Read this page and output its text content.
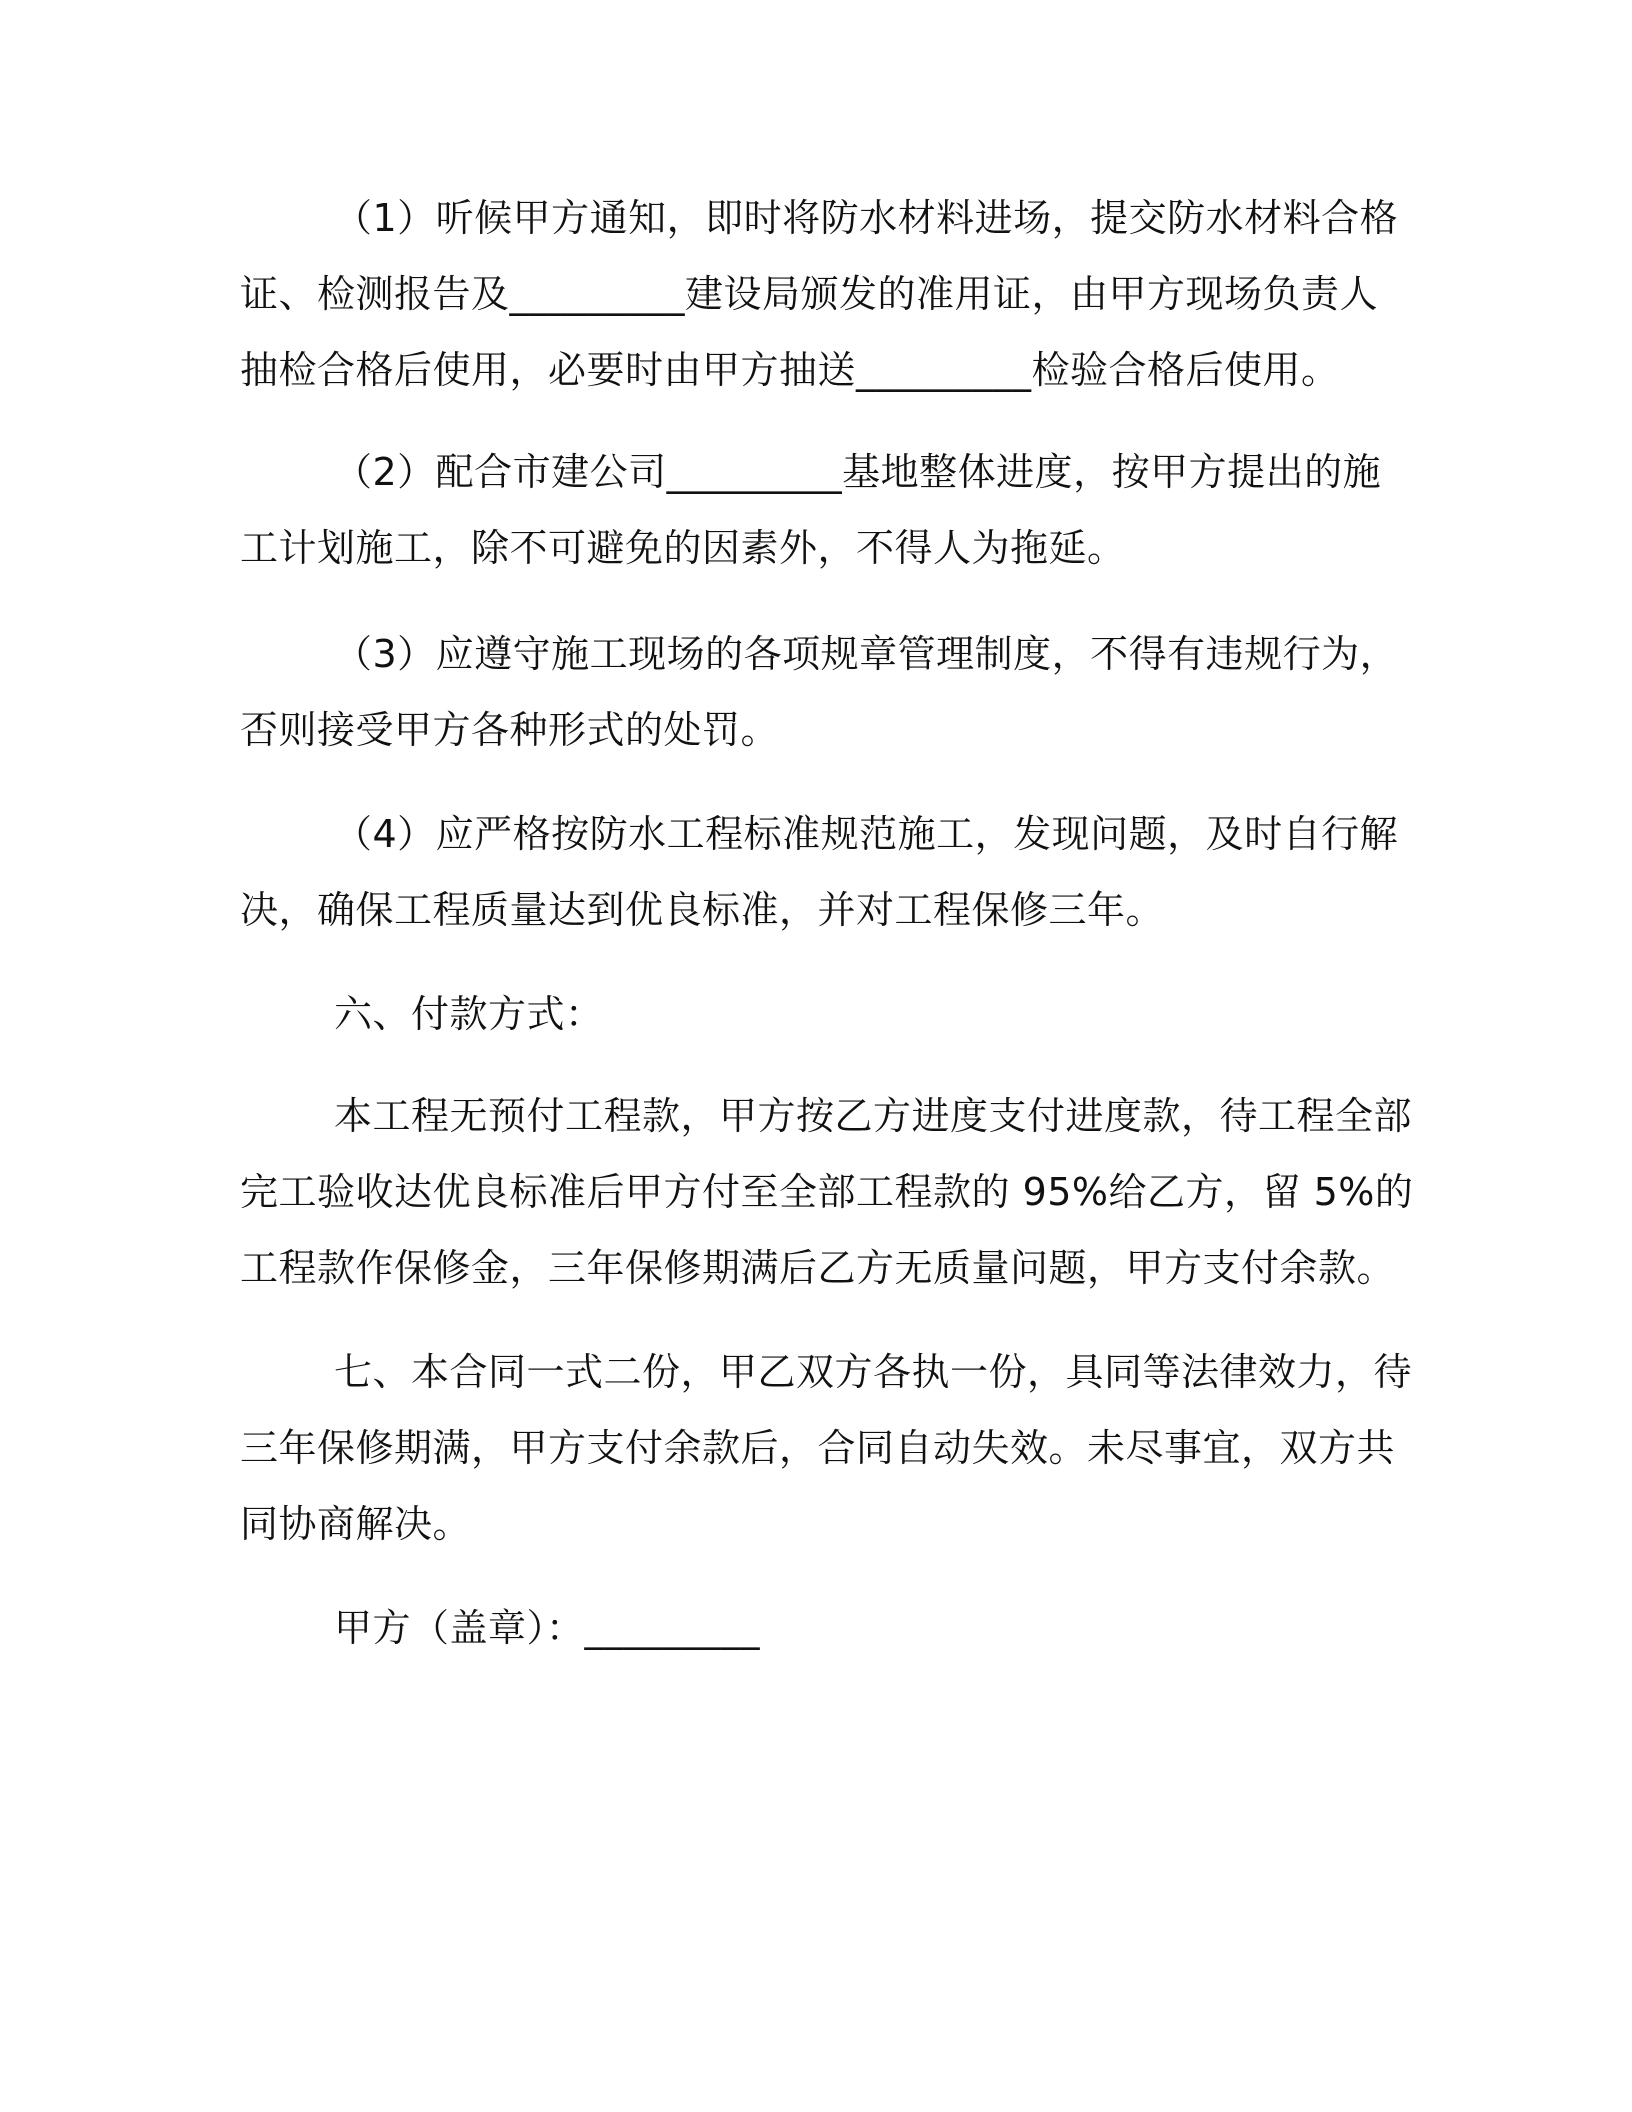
（1）听候甲方通知，即时将防水材料进场，提交防水材料合格
证、检测报告及_________建设局颁发的准用证，由甲方现场负责人
抽检合格后使用，必要时由甲方抽送_________检验合格后使用。
（2）配合市建公司_________基地整体进度，按甲方提出的施
工计划施工，除不可避免的因素外，不得人为拖延。
（3）应遵守施工现场的各项规章管理制度，不得有违规行为，
否则接受甲方各种形式的处罚。
（4）应严格按防水工程标准规范施工，发现问题，及时自行解
决，确保工程质量达到优良标准，并对工程保修三年。
六、付款方式：
本工程无预付工程款，甲方按乙方进度支付进度款，待工程全部
完工验收达优良标准后甲方付至全部工程款的 95%给乙方，留 5%的
工程款作保修金，三年保修期满后乙方无质量问题，甲方支付余款。
七、本合同一式二份，甲乙双方各执一份，具同等法律效力，待
三年保修期满，甲方支付余款后，合同自动失效。未尽事宜，双方共
同协商解决。
甲方（盖章）：_________
